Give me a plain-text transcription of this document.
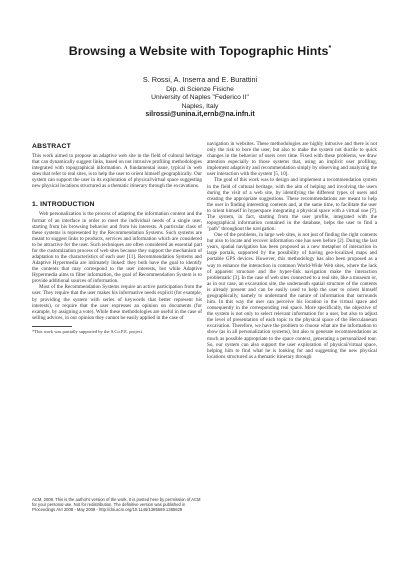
Browsing a Website with Topographic Hints*
S. Rossi, A. Inserra and E. Burattini
Dip. di Scienze Fisiche
University of Naples "Federico II"
Naples, Italy
silrossi@unina.it,ernb@na.infn.it
ABSTRACT

This work aimed to propose an adaptive web site in the field of cultural heritage that can dynamically suggest links, based on not intrusive profiling methodologies integrated with topographical information. A fundamental issue, typical in web sites that refer to real sites, is to help the user to orient himself geographically. Our system can support the user in its exploration of physical/virtual space suggesting new physical locations structured as a thematic itinerary through the excavations.

1. INTRODUCTION

Web personalization is the process of adapting the information content and the format of an interface in order to meet the individual needs of a single user, starting from his browsing behavior and from his interests. A particular class of these systems is represented by the Recommendation Systems. Such systems are meant to suggest links to products, services and information which are considered to be attractive for the user. Such techniques are often considered an essential part for the customization process of web sites because they support the mechanism of adaptation to the characteristics of each user [11]. Recommendation Systems and Adaptive Hypermedia are intimately linked: they both have the goal to identify the contents that may correspond to the user interests, but while Adaptive Hypermedia aims to filter information, the goal of Recommendation System is to provide additional sources of information.

Most of the Recommendation Systems require an active participation from the user. They require that the user makes his informative needs explicit (for example, by providing the system with series of keywords that better represent his interests), or require that the user expresses an opinion on documents (for example, by assigning a vote). While these methodologies are useful in the case of selling advices, in our opinion they cannot be easily applied in the case of

*This work was partially supported by the S.Co.P.E. project.

ACM, 2008. This is the author's version of the work. It is posted here by permission of ACM for your personal use. Not for redistribution. The definitive version was published in Proceedings AVI 2008 - May 2008 - http://doi.acm.org/10.1145/1385569.1385629

navigation in websites. These methodologies are highly intrusive and there is not only the risk to bore the user, but also to make the system not ductile to quick changes in the behavior of users over time. Fixed with these problems, we draw attention especially to those systems that, using an implicit user profiling, implement adaptivity and recommendation simply by observing and analyzing the user interaction with the system [5, 10].

The goal of this work was to design and implement a recommendation system in the field of cultural heritage, with the aim of helping and involving the users during the visit of a web site, by identifying the different types of users and creating the appropriate suggestions. These recommendations are meant to help the user in finding interesting contents and, at the same time, to facilitate the user to orient himself in hyperspace integrating a physical space with a virtual one [7]. The system, in fact, starting from the user profile, integrated with the topographical information contained in the database, helps the user to find a "path" throughout the navigation.

One of the problems, in large web sites, is not just of finding the right contents but also to locate and recover information one has seen before [2]. During the last years, spatial navigation has been proposed as a new metaphor of interaction in large portals, supported by the possibility of having geo-localized maps and portable GPS devices. However, this methodology has also been proposed as a way to enhance the interaction in common World-Wide Web sites, where the lack of apparent structure and the hyper-link navigation make the interaction problematic [3]. In the case of web sites connected to a real site, like a museum or, as in our case, an excavation site, the underneath spatial structure of the contents is already present and can be easily used to help the user to orient himself geographically, namely to understand the nature of information that surrounds him. In this way the user can perceive his location in the virtual space and consequently in the corresponding real space. More specifically, the objective of the system is not only to select relevant information for a user, but also to adjust the level of presentation of each topic to the physical space of the Herculaneum excavation. Therefore, we have the problem to choose what are the information to show (as in all personalization systems), but also to generate recommendations as much as possible appropriate to the space context, generating a personalized tour. So, our system can also support the user exploration of physical/virtual space, helping him to find what he is looking for and suggesting the new physical locations structured as a thematic itinerary through
